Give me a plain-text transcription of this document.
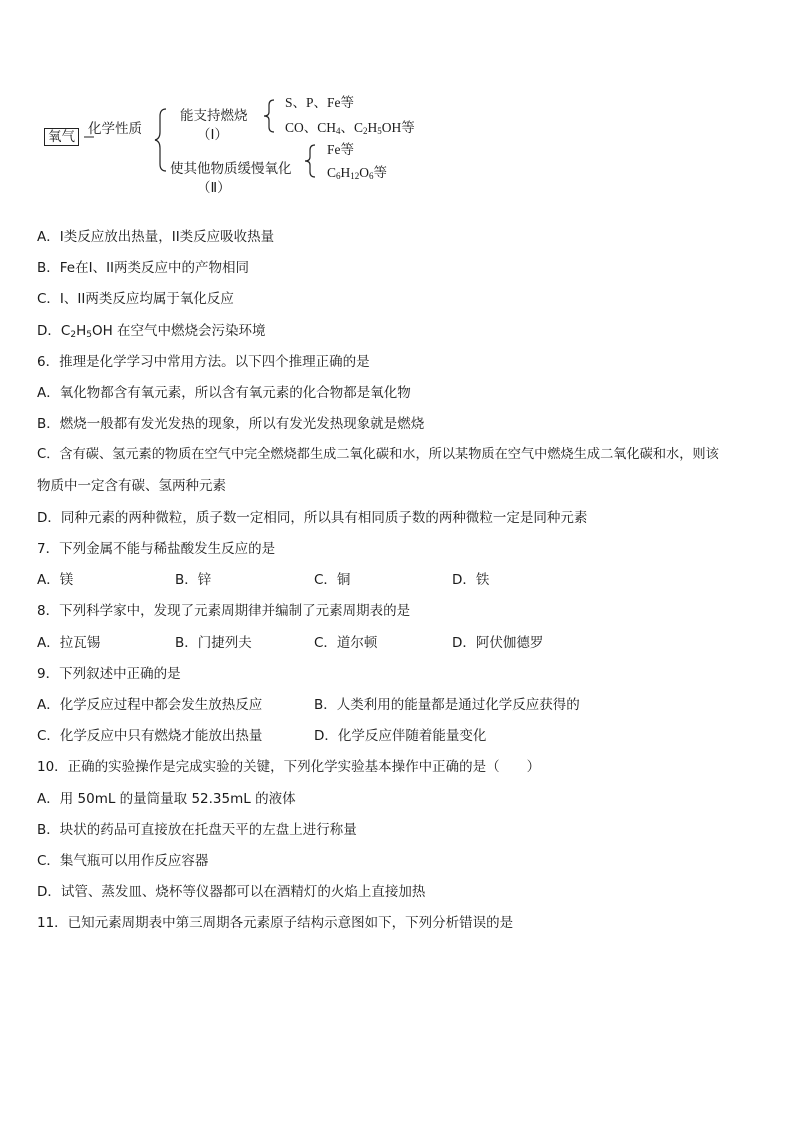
氧气 化学性质
能支持燃烧
（Ⅰ）
S、P、Fe等
CO、$CH_4$、$C_2H_5OH$等
使其他物质缓慢氧化
（Ⅱ）
Fe等
$C_6H_{12}O_6$等
A．I类反应放出热量，II类反应吸收热量
B．Fe在I、II两类反应中的产物相同
C．I、II两类反应均属于氧化反应
D．$C_2H_5OH$ 在空气中燃烧会污染环境
6．推理是化学学习中常用方法。以下四个推理正确的是
A．氧化物都含有氧元素，所以含有氧元素的化合物都是氧化物
B．燃烧一般都有发光发热的现象，所以有发光发热现象就是燃烧
C．含有碳、氢元素的物质在空气中完全燃烧都生成二氧化碳和水，所以某物质在空气中燃烧生成二氧化碳和水，则该
物质中一定含有碳、氢两种元素
D．同种元素的两种微粒，质子数一定相同，所以具有相同质子数的两种微粒一定是同种元素
7．下列金属不能与稀盐酸发生反应的是
A．镁	B．锌	C．铜	D．铁
8．下列科学家中，发现了元素周期律并编制了元素周期表的是
A．拉瓦锡	B．门捷列夫	C．道尔顿	D．阿伏伽德罗
9．下列叙述中正确的是
A．化学反应过程中都会发生放热反应	B．人类利用的能量都是通过化学反应获得的
C．化学反应中只有燃烧才能放出热量	D．化学反应伴随着能量变化
10．正确的实验操作是完成实验的关键，下列化学实验基本操作中正确的是（　　）
A．用 50mL 的量筒量取 52.35mL 的液体
B．块状的药品可直接放在托盘天平的左盘上进行称量
C．集气瓶可以用作反应容器
D．试管、蒸发皿、烧杯等仪器都可以在酒精灯的火焰上直接加热
11．已知元素周期表中第三周期各元素原子结构示意图如下，下列分析错误的是
